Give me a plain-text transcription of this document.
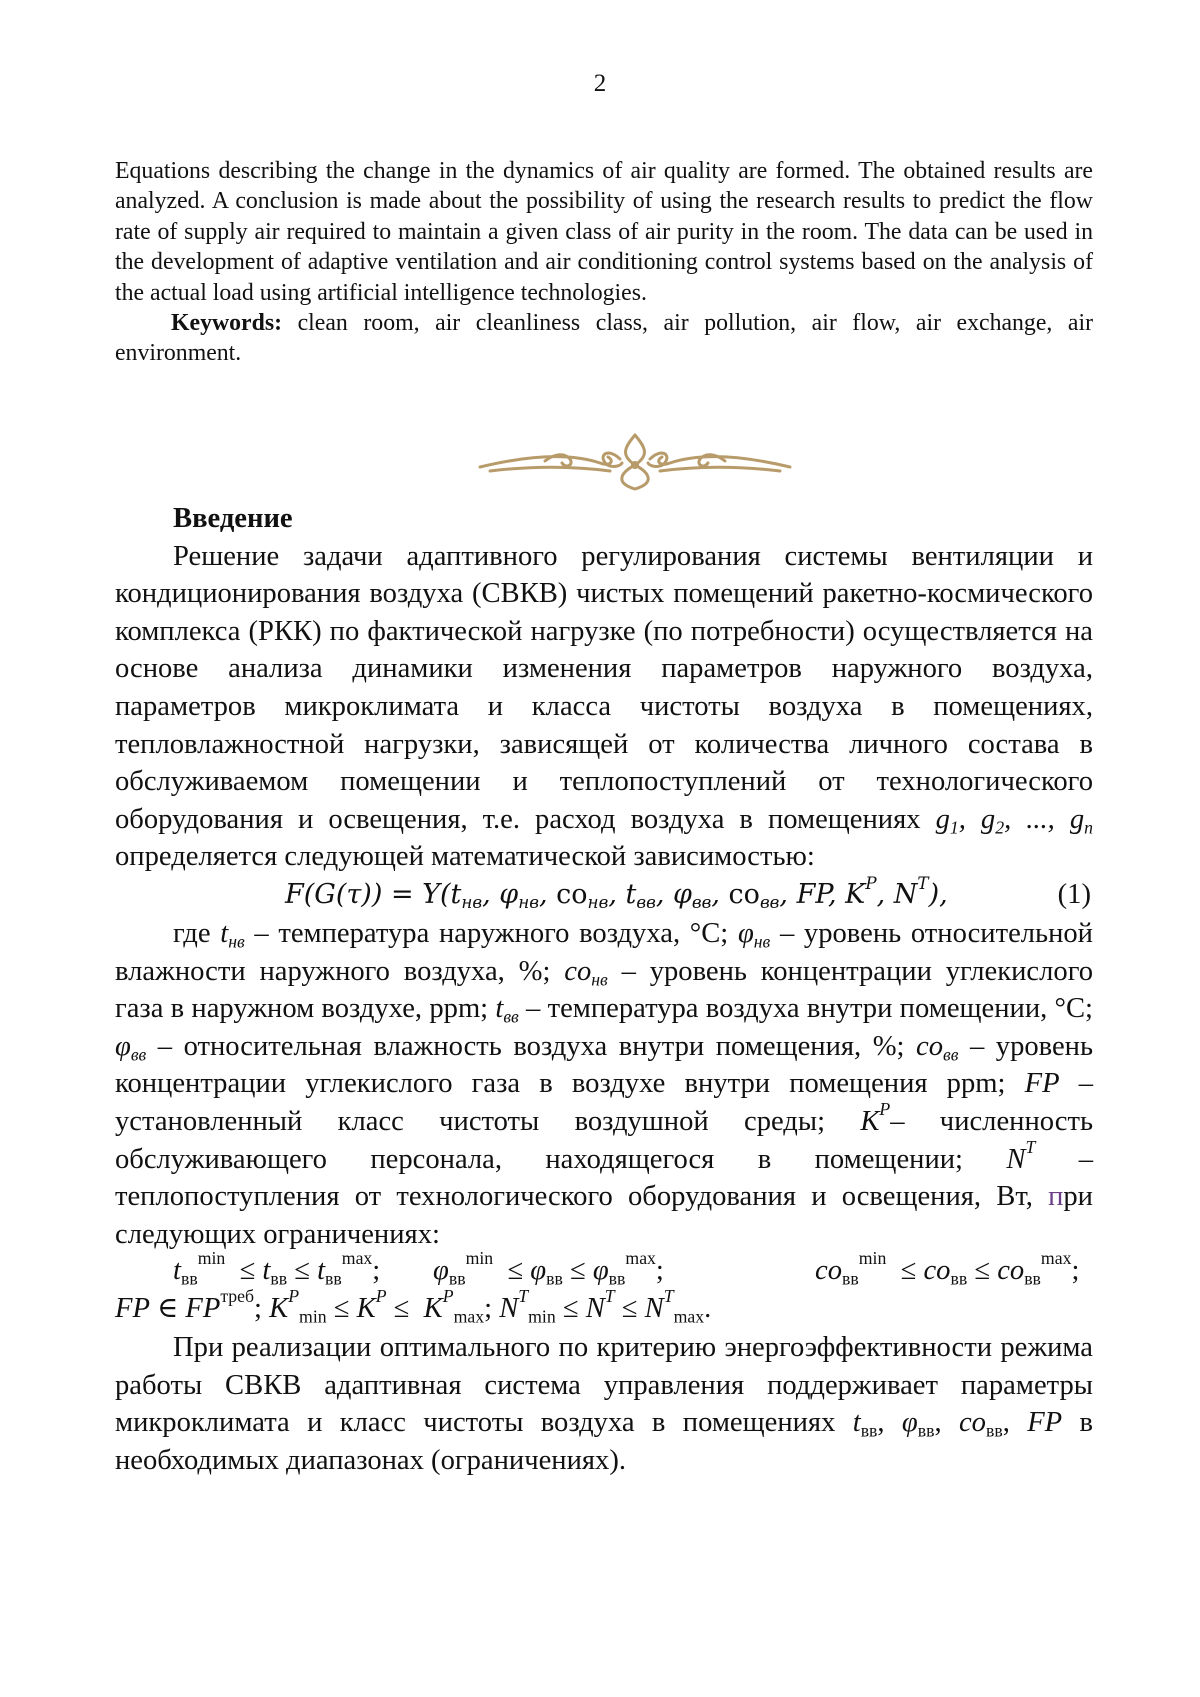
2

Equations describing the change in the dynamics of air quality are formed. The obtained results are analyzed. A conclusion is made about the possibility of using the research results to predict the flow rate of supply air required to maintain a given class of air purity in the room. The data can be used in the development of adaptive ventilation and air conditioning control systems based on the analysis of the actual load using artificial intelligence technologies.

Keywords: clean room, air cleanliness class, air pollution, air flow, air exchange, air environment.

Введение

Решение задачи адаптивного регулирования системы вентиляции и кондиционирования воздуха (СВКВ) чистых помещений ракетно-космического комплекса (РКК) по фактической нагрузке (по потребности) осуществляется на основе анализа динамики изменения параметров наружного воздуха, параметров микроклимата и класса чистоты воздуха в помещениях, тепловлажностной нагрузки, зависящей от количества личного состава в обслуживаемом помещении и теплопоступлений от технологического оборудования и освещения, т.е. расход воздуха в помещениях $g_1$, $g_2$, ..., $g_n$ определяется следующей математической зависимостью:

$F(G(\tau)) = Y(t_{нв}$, $\varphi_{нв}$, $co_{нв}$, $t_{вв}$, $\varphi_{вв}$, $co_{вв}$, FP, $K^P$, $N^T$),	(1)

где $t_{нв}$ – температура наружного воздуха, °С; $\varphi_{нв}$ – уровень относительной влажности наружного воздуха, %; $co_{нв}$ – уровень концентрации углекислого газа в наружном воздухе, ppm; $t_{вв}$ – температура воздуха внутри помещении, °С; $\varphi_{вв}$ – относительная влажность воздуха внутри помещения, %; $co_{вв}$ – уровень концентрации углекислого газа в воздухе внутри помещения ppm; FP – установленный класс чистоты воздушной среды; $K^P-$ численность обслуживающего персонала, находящегося в помещении; $N^T$ – теплопоступления от технологического оборудования и освещения, Вт, при следующих ограничениях:

$t_{вв}^{min} \le t_{вв} \le t_{вв}^{max}$; $\varphi_{вв}^{min} \le \varphi_{вв} \le \varphi_{вв}^{max}$;	$co_{вв}^{min} \le co_{вв} \le co_{вв}^{max}$;
FP ∈ $FP^{треб}$; $K^P_{min} \le K^P \le K^P_{max}$; $N^T_{min} \le N^T \le N^T_{max}$.

При реализации оптимального по критерию энергоэффективности режима работы СВКВ адаптивная система управления поддерживает параметры микроклимата и класс чистоты воздуха в помещениях $t_{вв}$, $\varphi_{вв}$, $co_{вв}$, FP в необходимых диапазонах (ограничениях).
